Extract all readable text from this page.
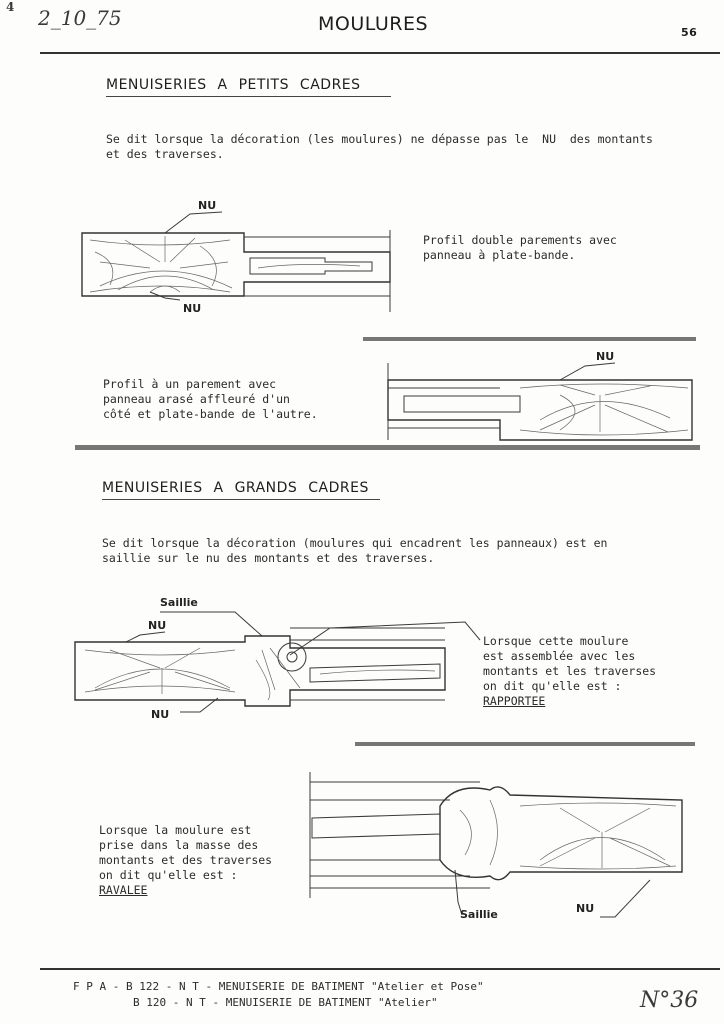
4 2_10_75	MOULURES	56
MENUISERIES A PETITS CADRES
Se dit lorsque la décoration (les moulures) ne dépasse pas le  NU  des montants
et des traverses.
NU
NU
Profil double parements avec
panneau à plate-bande.
NU
Profil à un parement avec
panneau arasé affleuré d'un
côté et plate-bande de l'autre.
MENUISERIES A GRANDS CADRES
Se dit lorsque la décoration (moulures qui encadrent les panneaux) est en
saillie sur le nu des montants et des traverses.
Saillie
NU
NU
Lorsque cette moulure
est assemblée avec les
montants et les traverses
on dit qu'elle est :
RAPPORTEE
Lorsque la moulure est
prise dans la masse des
montants et des traverses
on dit qu'elle est :
RAVALEE
Saillie	NU
F P A - B 122 - N T - MENUISERIE DE BATIMENT "Atelier et Pose"
B 120 - N T - MENUISERIE DE BATIMENT "Atelier"	N°36
